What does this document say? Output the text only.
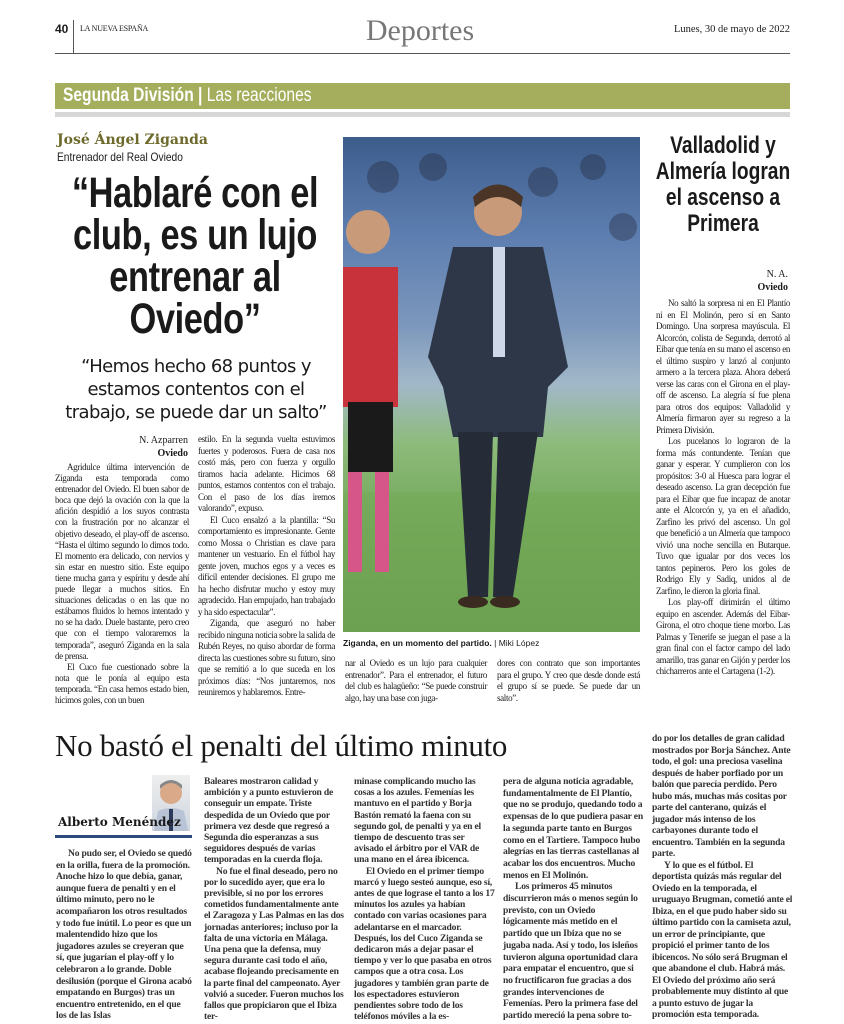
40 LA NUEVA ESPAÑA	Deportes	Lunes, 30 de mayo de 2022
Segunda División | Las reacciones
José Ángel Ziganda
Entrenador del Real Oviedo
“Hablaré con el club, es un lujo entrenar al Oviedo”
“Hemos hecho 68 puntos y estamos contentos con el trabajo, se puede dar un salto”
N. Azparren
Oviedo

Agridulce última intervención de Ziganda esta temporada como entrenador del Oviedo. El buen sabor de boca que dejó la ovación con la que la afición despidió a los suyos contrasta con la frustración por no alcanzar el objetivo deseado, el play-off de ascenso. “Hasta el último segundo lo dimos todo. El momento era delicado, con nervios y sin estar en nuestro sitio. Este equipo tiene mucha garra y espíritu y desde ahí puede llegar a muchos sitios. En situaciones delicadas o en las que no estábamos fluidos lo hemos intentado y no se ha dado. Duele bastante, pero creo que con el tiempo valoraremos la temporada”, aseguró Ziganda en la sala de prensa.

El Cuco fue cuestionado sobre la nota que le ponía al equipo esta temporada. “En casa hemos estado bien, hicimos goles, con un buen

estilo. En la segunda vuelta estuvimos fuertes y poderosos. Fuera de casa nos costó más, pero con fuerza y orgullo tiramos hacia adelante. Hicimos 68 puntos, estamos contentos con el trabajo. Con el paso de los días iremos valorando”, expuso.

El Cuco ensalzó a la plantilla: “Su comportamiento es impresionante. Gente como Mossa o Christian es clave para mantener un vestuario. En el fútbol hay gente joven, muchos egos y a veces es difícil entender decisiones. El grupo me ha hecho disfrutar mucho y estoy muy agradecido. Han empujado, han trabajado y ha sido espectacular”.

Ziganda, que aseguró no haber recibido ninguna noticia sobre la salida de Rubén Reyes, no quiso abordar de forma directa las cuestiones sobre su futuro, sino que se remitió a lo que suceda en los próximos días: “Nos juntaremos, nos reuniremos y hablaremos. Entre-

Ziganda, en un momento del partido. | Miki López

nar al Oviedo es un lujo para cualquier entrenador”. Para el entrenador, el futuro del club es halagüeño: “Se puede construir algo, hay una base con juga-

dores con contrato que son importantes para el grupo. Y creo que desde donde está el grupo sí se puede. Se puede dar un salto”.

Valladolid y Almería logran el ascenso a Primera
N. A.
Oviedo

No saltó la sorpresa ni en El Plantío ni en El Molinón, pero sí en Santo Domingo. Una sorpresa mayúscula. El Alcorcón, colista de Segunda, derrotó al Eibar que tenía en su mano el ascenso en el último suspiro y lanzó al conjunto armero a la tercera plaza. Ahora deberá verse las caras con el Girona en el play-off de ascenso. La alegría sí fue plena para otros dos equipos: Valladolid y Almería firmaron ayer su regreso a la Primera División.

Los pucelanos lo lograron de la forma más contundente. Tenían que ganar y esperar. Y cumplieron con los propósitos: 3-0 al Huesca para lograr el deseado ascenso. La gran decepción fue para el Eibar que fue incapaz de anotar ante el Alcorcón y, ya en el añadido, Zarfino les privó del ascenso. Un gol que benefició a un Almería que tampoco vivió una noche sencilla en Butarque. Tuvo que igualar por dos veces los tantos pepineros. Pero los goles de Rodrigo Ely y Sadiq, unidos al de Zarfino, le dieron la gloria final.

Los play-off dirimirán el último equipo en ascender. Además del Eibar-Girona, el otro choque tiene morbo. Las Palmas y Tenerife se juegan el pase a la gran final con el factor campo del lado amarillo, tras ganar en Gijón y perder los chicharreros ante el Cartagena (1-2).

No bastó el penalti del último minuto
Alberto Menéndez

No pudo ser, el Oviedo se quedó en la orilla, fuera de la promoción. Anoche hizo lo que debía, ganar, aunque fuera de penalti y en el último minuto, pero no le acompañaron los otros resultados y todo fue inútil. Lo peor es que un malentendido hizo que los jugadores azules se creyeran que sí, que jugarían el play-off y lo celebraron a lo grande. Doble desilusión (porque el Girona acabó empatando en Burgos) tras un encuentro entretenido, en el que los de las Islas

Baleares mostraron calidad y ambición y a punto estuvieron de conseguir un empate. Triste despedida de un Oviedo que por primera vez desde que regresó a Segunda dio esperanzas a sus seguidores después de varias temporadas en la cuerda floja.

No fue el final deseado, pero no por lo sucedido ayer, que era lo previsible, si no por los errores cometidos fundamentalmente ante el Zaragoza y Las Palmas en las dos jornadas anteriores; incluso por la falta de una victoria en Málaga. Una pena que la defensa, muy segura durante casi todo el año, acabase flojeando precisamente en la parte final del campeonato. Ayer volvió a suceder. Fueron muchos los fallos que propiciaron que el Ibiza ter-

minase complicando mucho las cosas a los azules. Femenías les mantuvo en el partido y Borja Bastón remató la faena con su segundo gol, de penalti y ya en el tiempo de descuento tras ser avisado el árbitro por el VAR de una mano en el área ibicenca.

El Oviedo en el primer tiempo marcó y luego sesteó aunque, eso sí, antes de que lograse el tanto a los 17 minutos los azules ya habían contado con varias ocasiones para adelantarse en el marcador. Después, los del Cuco Ziganda se dedicaron más a dejar pasar el tiempo y ver lo que pasaba en otros campos que a otra cosa. Los jugadores y también gran parte de los espectadores estuvieron pendientes sobre todo de los teléfonos móviles a la es-

pera de alguna noticia agradable, fundamentalmente de El Plantío, que no se produjo, quedando todo a expensas de lo que pudiera pasar en la segunda parte tanto en Burgos como en el Tartiere. Tampoco hubo alegrías en las tierras castellanas al acabar los dos encuentros. Mucho menos en El Molinón.

Los primeros 45 minutos discurrieron más o menos según lo previsto, con un Oviedo lógicamente más metido en el partido que un Ibiza que no se jugaba nada. Así y todo, los isleños tuvieron alguna oportunidad clara para empatar el encuentro, que si no fructificaron fue gracias a dos grandes intervenciones de Femenías. Pero la primera fase del partido mereció la pena sobre to-

do por los detalles de gran calidad mostrados por Borja Sánchez. Ante todo, el gol: una preciosa vaselina después de haber porfiado por un balón que parecía perdido. Pero hubo más, muchas más cositas por parte del canterano, quizás el jugador más intenso de los carbayones durante todo el encuentro. También en la segunda parte.

Y lo que es el fútbol. El deportista quizás más regular del Oviedo en la temporada, el uruguayo Brugman, cometió ante el Ibiza, en el que pudo haber sido su último partido con la camiseta azul, un error de principiante, que propició el primer tanto de los ibicencos. No sólo será Brugman el que abandone el club. Habrá más. El Oviedo del próximo año será probablemente muy distinto al que a punto estuvo de jugar la promoción esta temporada.
